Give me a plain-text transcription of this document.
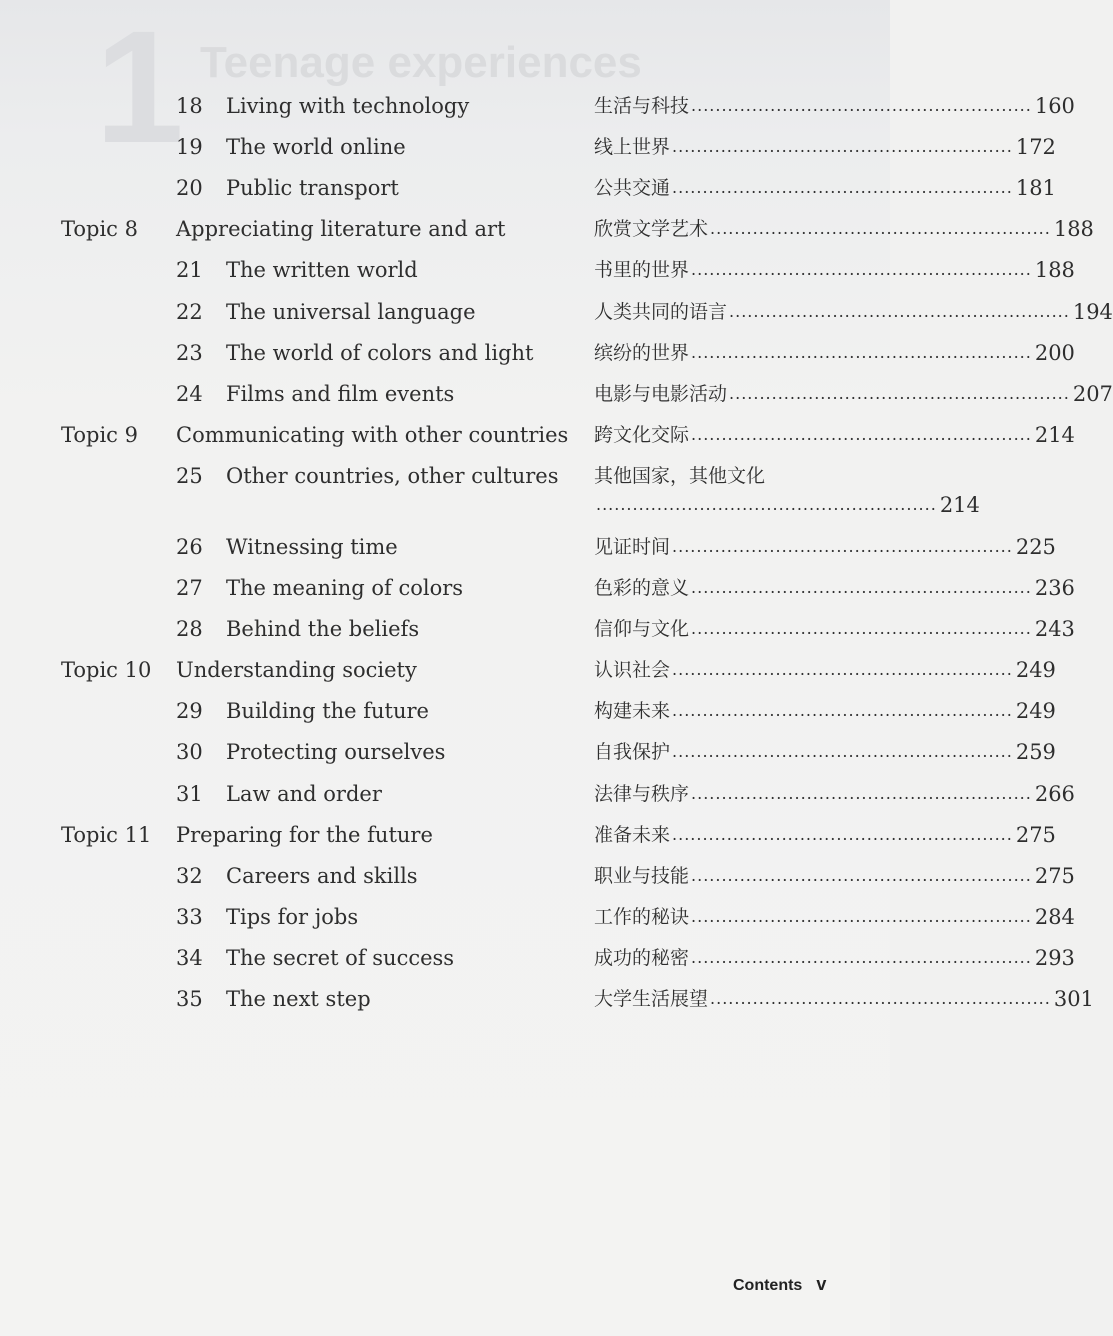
1 Teenage experiences
18 Living with technology	生活与科技 ........................................................ 160
19 The world online	线上世界 ........................................................ 172
20 Public transport	公共交通 ........................................................ 181
Topic 8 Appreciating literature and art	欣赏文学艺术 ........................................................ 188
21 The written world	书里的世界 ........................................................ 188
22 The universal language	人类共同的语言 ........................................................ 194
23 The world of colors and light	缤纷的世界 ........................................................ 200
24 Films and film events	电影与电影活动 ........................................................ 207
Topic 9 Communicating with other countries 跨文化交际 ........................................................ 214
25 Other countries, other cultures 其他国家，其他文化
........................................................ 214
26 Witnessing time	见证时间 ........................................................ 225
27 The meaning of colors	色彩的意义 ........................................................ 236
28 Behind the beliefs	信仰与文化 ........................................................ 243
Topic 10 Understanding society	认识社会 ........................................................ 249
29 Building the future	构建未来 ........................................................ 249
30 Protecting ourselves	自我保护 ........................................................ 259
31 Law and order	法律与秩序 ........................................................ 266
Topic 11 Preparing for the future	准备未来 ........................................................ 275
32 Careers and skills	职业与技能 ........................................................ 275
33 Tips for jobs	工作的秘诀 ........................................................ 284
34 The secret of success	成功的秘密 ........................................................ 293
35 The next step	大学生活展望 ........................................................ 301
Contents v
